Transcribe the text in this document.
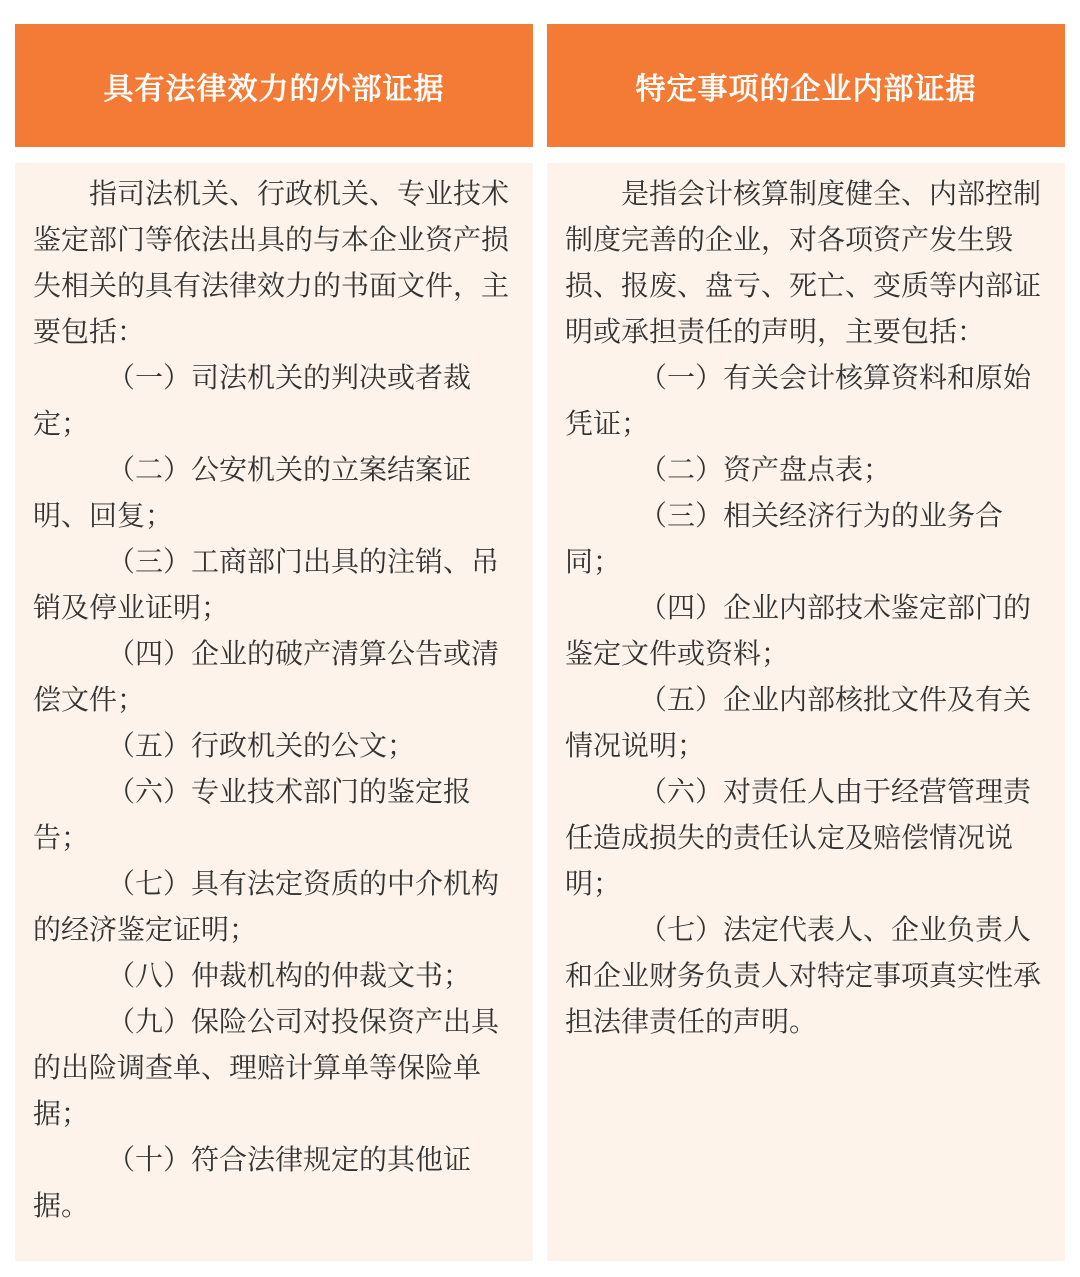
具有法律效力的外部证据

指司法机关、行政机关、专业技术鉴定部门等依法出具的与本企业资产损失相关的具有法律效力的书面文件，主要包括：

（一）司法机关的判决或者裁定；

（二）公安机关的立案结案证明、回复；

（三）工商部门出具的注销、吊销及停业证明；

（四）企业的破产清算公告或清偿文件；

（五）行政机关的公文；

（六）专业技术部门的鉴定报告；

（七）具有法定资质的中介机构的经济鉴定证明；

（八）仲裁机构的仲裁文书；

（九）保险公司对投保资产出具的出险调查单、理赔计算单等保险单据；

（十）符合法律规定的其他证据。

特定事项的企业内部证据

是指会计核算制度健全、内部控制制度完善的企业，对各项资产发生毁损、报废、盘亏、死亡、变质等内部证明或承担责任的声明，主要包括：

（一）有关会计核算资料和原始凭证；

（二）资产盘点表；

（三）相关经济行为的业务合同；

（四）企业内部技术鉴定部门的鉴定文件或资料；

（五）企业内部核批文件及有关情况说明；

（六）对责任人由于经营管理责任造成损失的责任认定及赔偿情况说明；

（七）法定代表人、企业负责人和企业财务负责人对特定事项真实性承担法律责任的声明。
